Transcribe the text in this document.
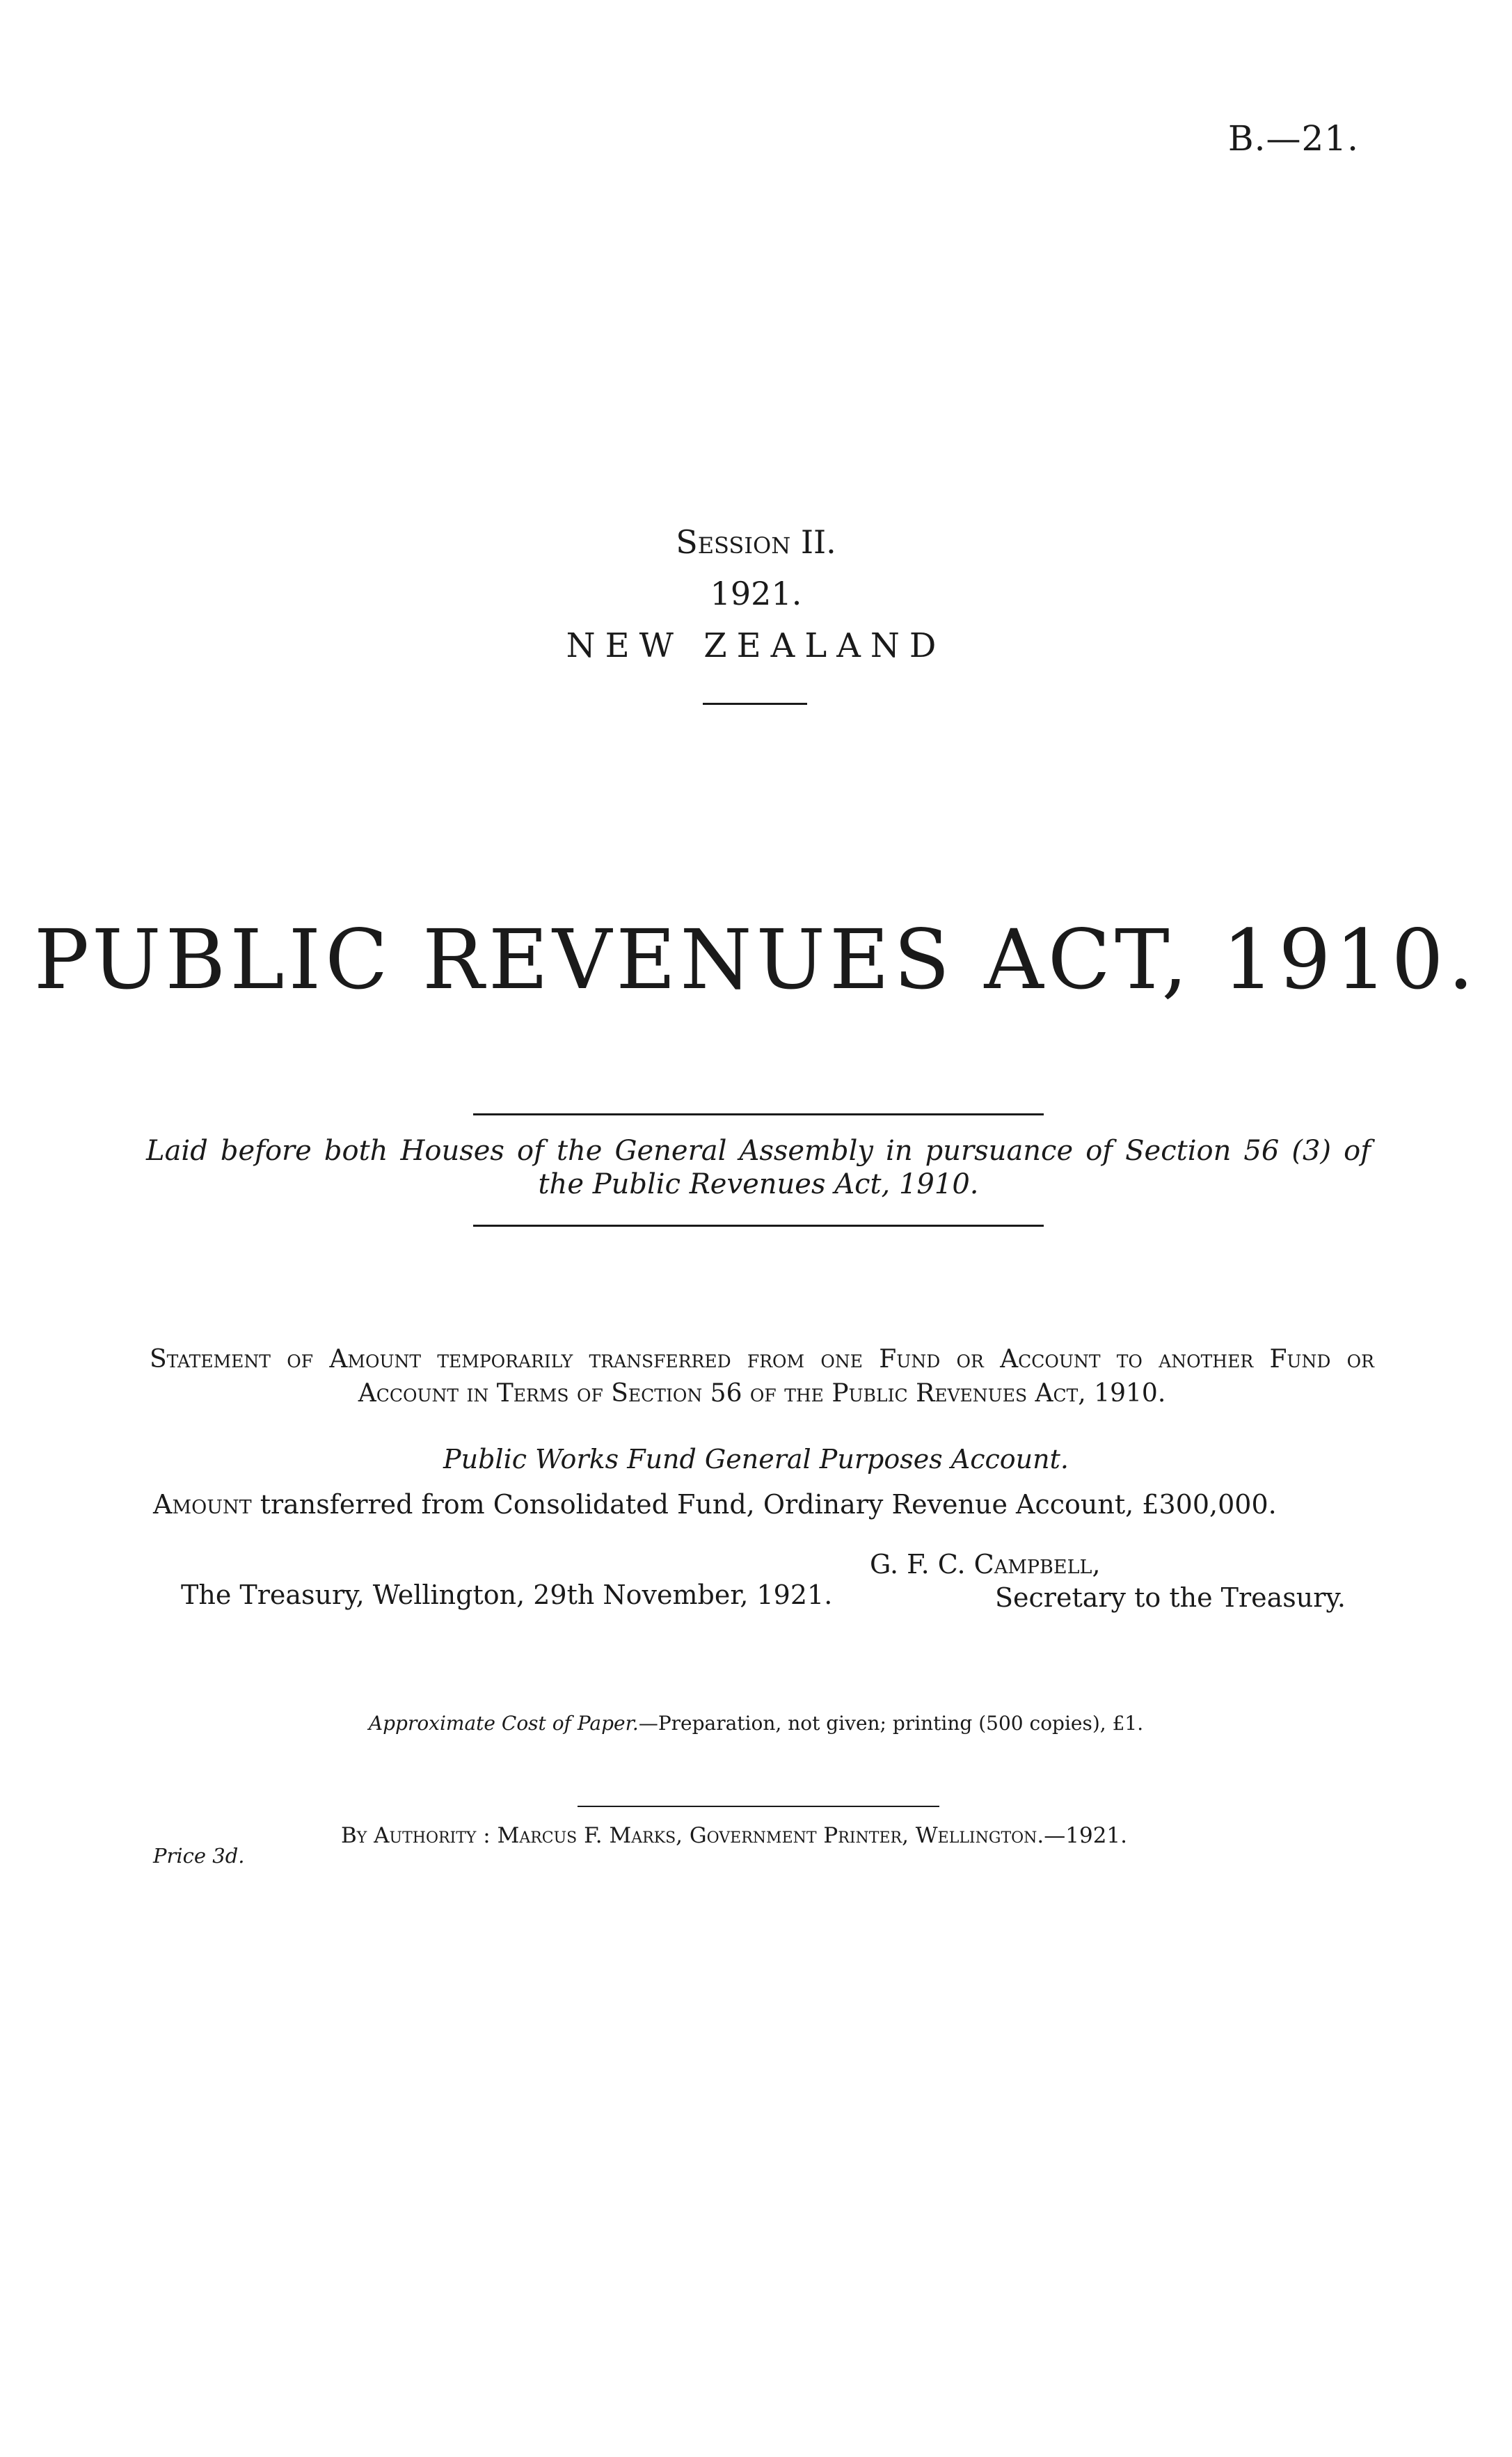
B.—21.
Session II.
1921.
NEW ZEALAND
PUBLIC REVENUES ACT, 1910.
Laid before both Houses of the General Assembly in pursuance of Section 56 (3) of the Public Revenues Act, 1910.
Statement of Amount temporarily transferred from one Fund or Account to another Fund or Account in Terms of Section 56 of the Public Revenues Act, 1910.
Public Works Fund General Purposes Account.
Amount transferred from Consolidated Fund, Ordinary Revenue Account, £300,000.
G. F. C. Campbell,
Secretary to the Treasury.
The Treasury, Wellington, 29th November, 1921.
Approximate Cost of Paper.—Preparation, not given; printing (500 copies), £1.
Price 3d.
By Authority : Marcus F. Marks, Government Printer, Wellington.—1921.
